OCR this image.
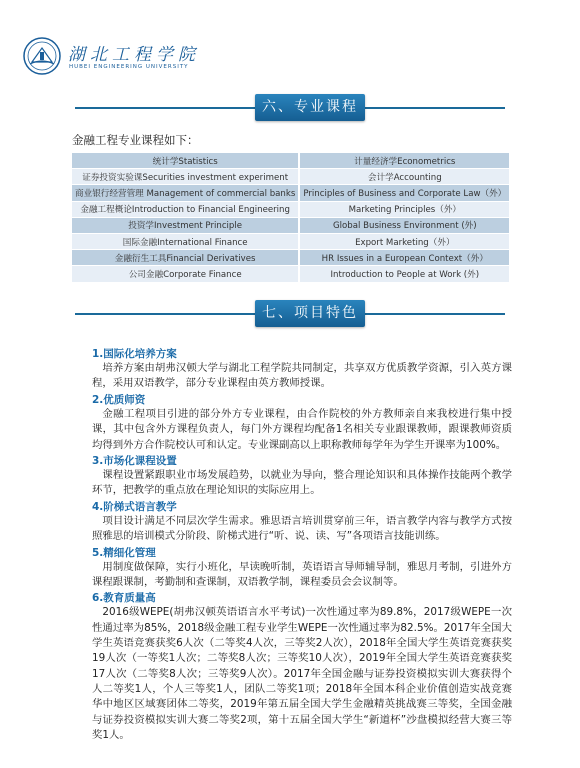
湖北工程学院
HUBEI ENGINEERING UNIVERSITY
六、专业课程
金融工程专业课程如下：
统计学Statistics	计量经济学Econometrics
证券投资实验课Securities investment experiment	会计学Accounting
商业银行经营管理 Management of commercial banks	Principles of Business and Corporate Law（外）
金融工程概论Introduction to Financial Engineering	Marketing Principles（外）
投资学Investment Principle	Global Business Environment (外)
国际金融International Finance	Export Marketing（外）
金融衍生工具Financial Derivatives	HR Issues in a European Context（外）
公司金融Corporate Finance	Introduction to People at Work (外)
七、项目特色
1.国际化培养方案
培养方案由胡弗汉顿大学与湖北工程学院共同制定，共享双方优质教学资源，引入英方课程，采用双语教学，部分专业课程由英方教师授课。
2.优质师资
金融工程项目引进的部分外方专业课程，由合作院校的外方教师亲自来我校进行集中授课，其中包含外方课程负责人，每门外方课程均配备1名相关专业跟课教师，跟课教师资质均得到外方合作院校认可和认定。专业课副高以上职称教师每学年为学生开课率为100%。
3.市场化课程设置
课程设置紧跟职业市场发展趋势，以就业为导向，整合理论知识和具体操作技能两个教学环节，把教学的重点放在理论知识的实际应用上。
4.阶梯式语言教学
项目设计满足不同层次学生需求。雅思语言培训贯穿前三年，语言教学内容与教学方式按照雅思的培训模式分阶段、阶梯式进行“听、说、读、写”各项语言技能训练。
5.精细化管理
用制度做保障，实行小班化，早读晚听制，英语语言导师辅导制，雅思月考制，引进外方课程跟课制，考勤制和查课制，双语教学制，课程委员会会议制等。
6.教育质量高
2016级WEPE(胡弗汉顿英语语言水平考试)一次性通过率为89.8%，2017级WEPE一次性通过率为85%，2018级金融工程专业学生WEPE一次性通过率为82.5%。2017年全国大学生英语竞赛获奖6人次（二等奖4人次，三等奖2人次），2018年全国大学生英语竞赛获奖19人次（一等奖1人次；二等奖8人次；三等奖10人次），2019年全国大学生英语竞赛获奖17人次（二等奖8人次；三等奖9人次）。2017年全国金融与证券投资模拟实训大赛获得个人二等奖1人，个人三等奖1人，团队二等奖1项；2018年全国本科企业价值创造实战竞赛华中地区区域赛团体二等奖，2019年第五届全国大学生金融精英挑战赛三等奖，全国金融与证券投资模拟实训大赛二等奖2项，第十五届全国大学生“新道杯”沙盘模拟经营大赛三等奖1人。
